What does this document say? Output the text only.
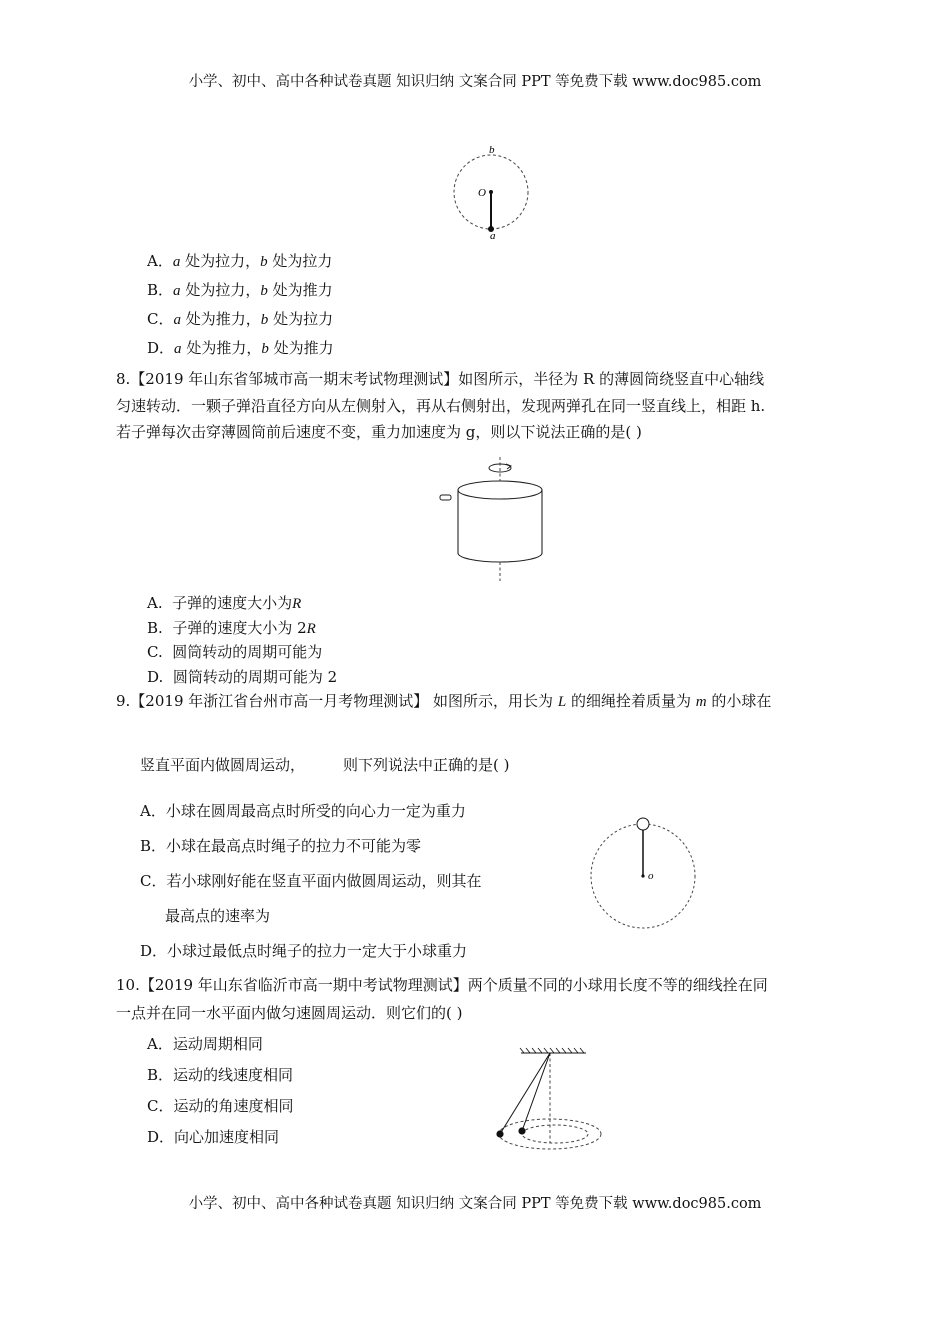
小学、初中、高中各种试卷真题 知识归纳 文案合同 PPT 等免费下载 www.doc985.com
b
O
a
A．a 处为拉力，b 处为拉力
B．a 处为拉力，b 处为推力
C．a 处为推力，b 处为拉力
D．a 处为推力，b 处为推力
8.【2019 年山东省邹城市高一期末考试物理测试】如图所示，半径为 R 的薄圆筒绕竖直中心轴线
匀速转动．一颗子弹沿直径方向从左侧射入，再从右侧射出，发现两弹孔在同一竖直线上，相距 h.
若子弹每次击穿薄圆筒前后速度不变，重力加速度为 g，则以下说法正确的是( )
A. 子弹的速度大小为R
B. 子弹的速度大小为 2R
C. 圆筒转动的周期可能为
D. 圆筒转动的周期可能为 2
9.【2019 年浙江省台州市高一月考物理测试】 如图所示，用长为 L 的细绳拴着质量为 m 的小球在
竖直平面内做圆周运动，	则下列说法中正确的是( )
A．小球在圆周最高点时所受的向心力一定为重力
B．小球在最高点时绳子的拉力不可能为零
C．若小球刚好能在竖直平面内做圆周运动，则其在
最高点的速率为
D．小球过最低点时绳子的拉力一定大于小球重力
o
10.【2019 年山东省临沂市高一期中考试物理测试】两个质量不同的小球用长度不等的细线拴在同
一点并在同一水平面内做匀速圆周运动．则它们的( )
A．运动周期相同
B．运动的线速度相同
C．运动的角速度相同
D．向心加速度相同
小学、初中、高中各种试卷真题 知识归纳 文案合同 PPT 等免费下载 www.doc985.com
